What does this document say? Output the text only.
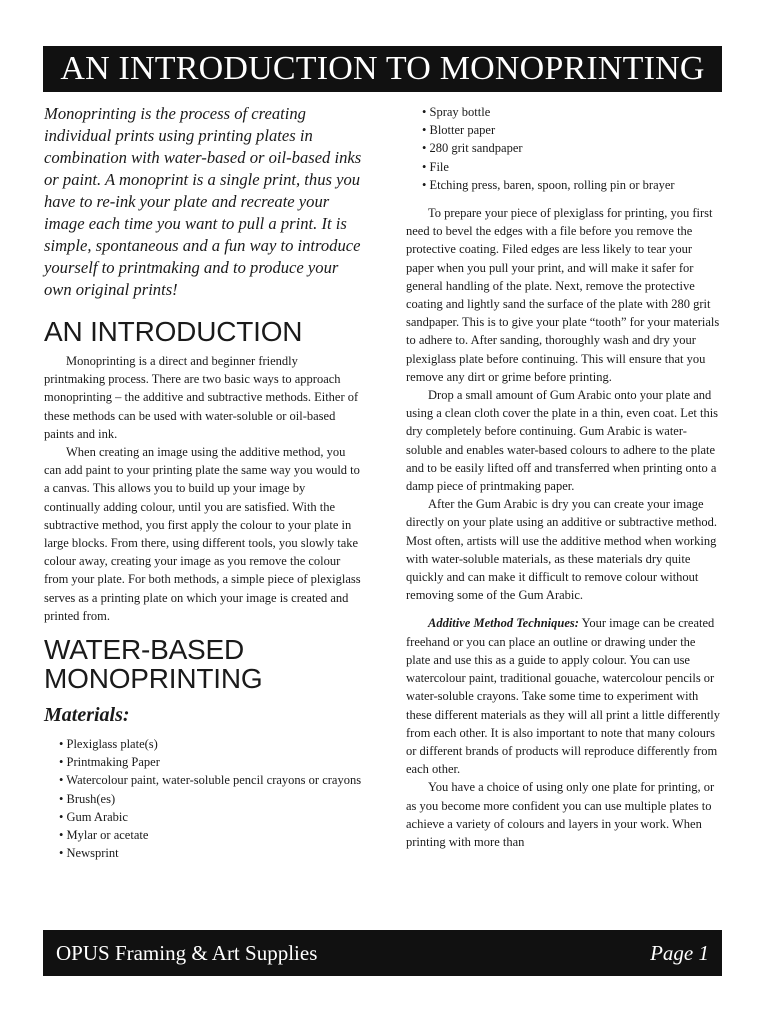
AN INTRODUCTION TO MONOPRINTING

Monoprinting is the process of creating individual prints using printing plates in combination with water-based or oil-based inks or paint. A monoprint is a single print, thus you have to re-ink your plate and recreate your image each time you want to pull a print. It is simple, spontaneous and a fun way to introduce yourself to printmaking and to produce your own original prints!

AN INTRODUCTION

Monoprinting is a direct and beginner friendly printmaking process. There are two basic ways to approach monoprinting – the additive and subtractive methods. Either of these methods can be used with water-soluble or oil-based paints and ink.

When creating an image using the additive method, you can add paint to your printing plate the same way you would to a canvas. This allows you to build up your image by continually adding colour, until you are satisfied. With the subtractive method, you first apply the colour to your plate in large blocks. From there, using different tools, you slowly take colour away, creating your image as you remove the colour from your plate. For both methods, a simple piece of plexiglass serves as a printing plate on which your image is created and printed from.

WATER-BASED
MONOPRINTING
Materials:
• Plexiglass plate(s)
• Printmaking Paper
• Watercolour paint, water-soluble pencil crayons or crayons
• Brush(es)
• Gum Arabic
• Mylar or acetate
• Newsprint
• Spray bottle
• Blotter paper
• 280 grit sandpaper
• File
• Etching press, baren, spoon, rolling pin or brayer

To prepare your piece of plexiglass for printing, you first need to bevel the edges with a file before you remove the protective coating. Filed edges are less likely to tear your paper when you pull your print, and will make it safer for general handling of the plate. Next, remove the protective coating and lightly sand the surface of the plate with 280 grit sandpaper. This is to give your plate “tooth” for your materials to adhere to. After sanding, thoroughly wash and dry your plexiglass plate before continuing. This will ensure that you remove any dirt or grime before printing.

Drop a small amount of Gum Arabic onto your plate and using a clean cloth cover the plate in a thin, even coat. Let this dry completely before continuing. Gum Arabic is water-soluble and enables water-based colours to adhere to the plate and to be easily lifted off and transferred when printing onto a damp piece of printmaking paper.

After the Gum Arabic is dry you can create your image directly on your plate using an additive or subtractive method. Most often, artists will use the additive method when working with water-soluble materials, as these materials dry quite quickly and can make it difficult to remove colour without removing some of the Gum Arabic.

Additive Method Techniques: Your image can be created freehand or you can place an outline or drawing under the plate and use this as a guide to apply colour. You can use watercolour paint, traditional gouache, watercolour pencils or water-soluble crayons. Take some time to experiment with these different materials as they will all print a little differently from each other. It is also important to note that many colours or different brands of products will reproduce differently from each other.

You have a choice of using only one plate for printing, or as you become more confident you can use multiple plates to achieve a variety of colours and layers in your work. When printing with more than

OPUS Framing & Art Supplies	Page 1
